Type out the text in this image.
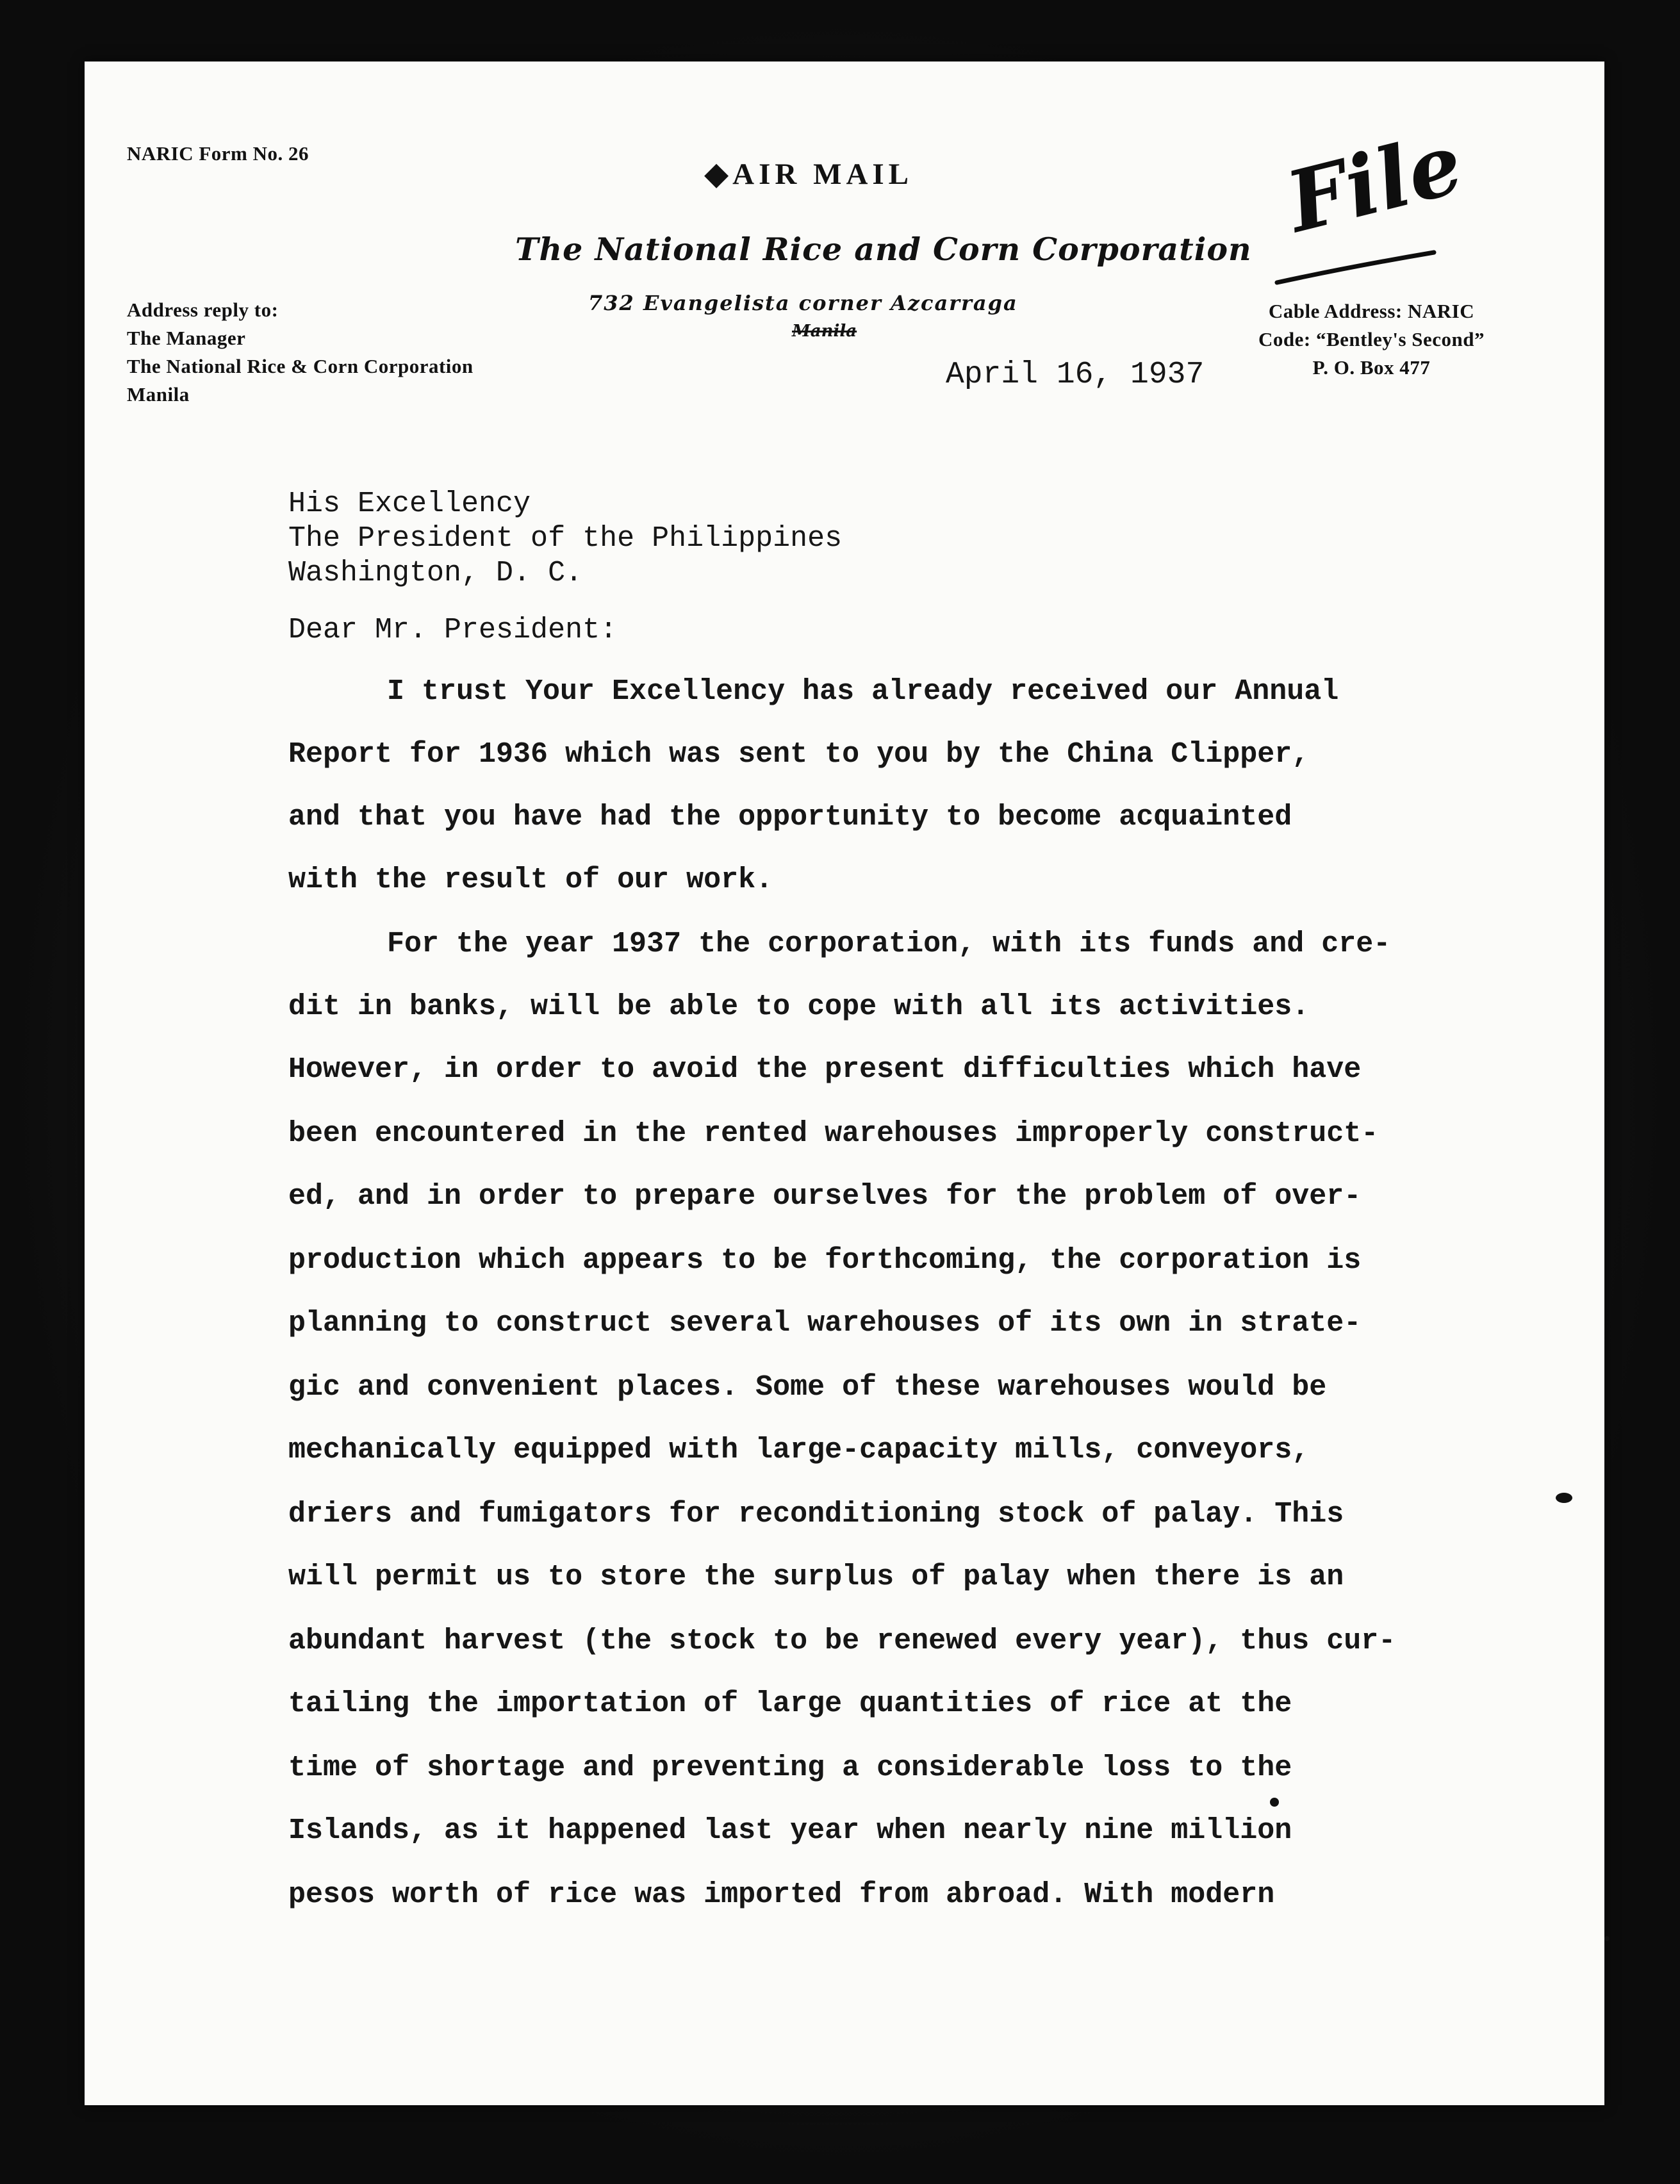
NARIC Form No. 26
◆AIR MAIL
The National Rice and Corn Corporation
732 Evangelista corner Azcarraga
Manila
Address reply to:
The Manager
The National Rice & Corn Corporation
Manila
Cable Address: NARIC
Code: “Bentley's Second”
P. O. Box 477
File
April 16, 1937
His Excellency
The President of the Philippines
Washington, D. C.
Dear Mr. President:
I trust Your Excellency has already received our Annual
Report for 1936 which was sent to you by the China Clipper,
and that you have had the opportunity to become acquainted
with the result of our work.
For the year 1937 the corporation, with its funds and cre-
dit in banks, will be able to cope with all its activities.
However, in order to avoid the present difficulties which have
been encountered in the rented warehouses improperly construct-
ed, and in order to prepare ourselves for the problem of over-
production which appears to be forthcoming, the corporation is
planning to construct several warehouses of its own in strate-
gic and convenient places. Some of these warehouses would be
mechanically equipped with large-capacity mills, conveyors,
driers and fumigators for reconditioning stock of palay. This
will permit us to store the surplus of palay when there is an
abundant harvest (the stock to be renewed every year), thus cur-
tailing the importation of large quantities of rice at the
time of shortage and preventing a considerable loss to the
Islands, as it happened last year when nearly nine million
pesos worth of rice was imported from abroad. With modern
